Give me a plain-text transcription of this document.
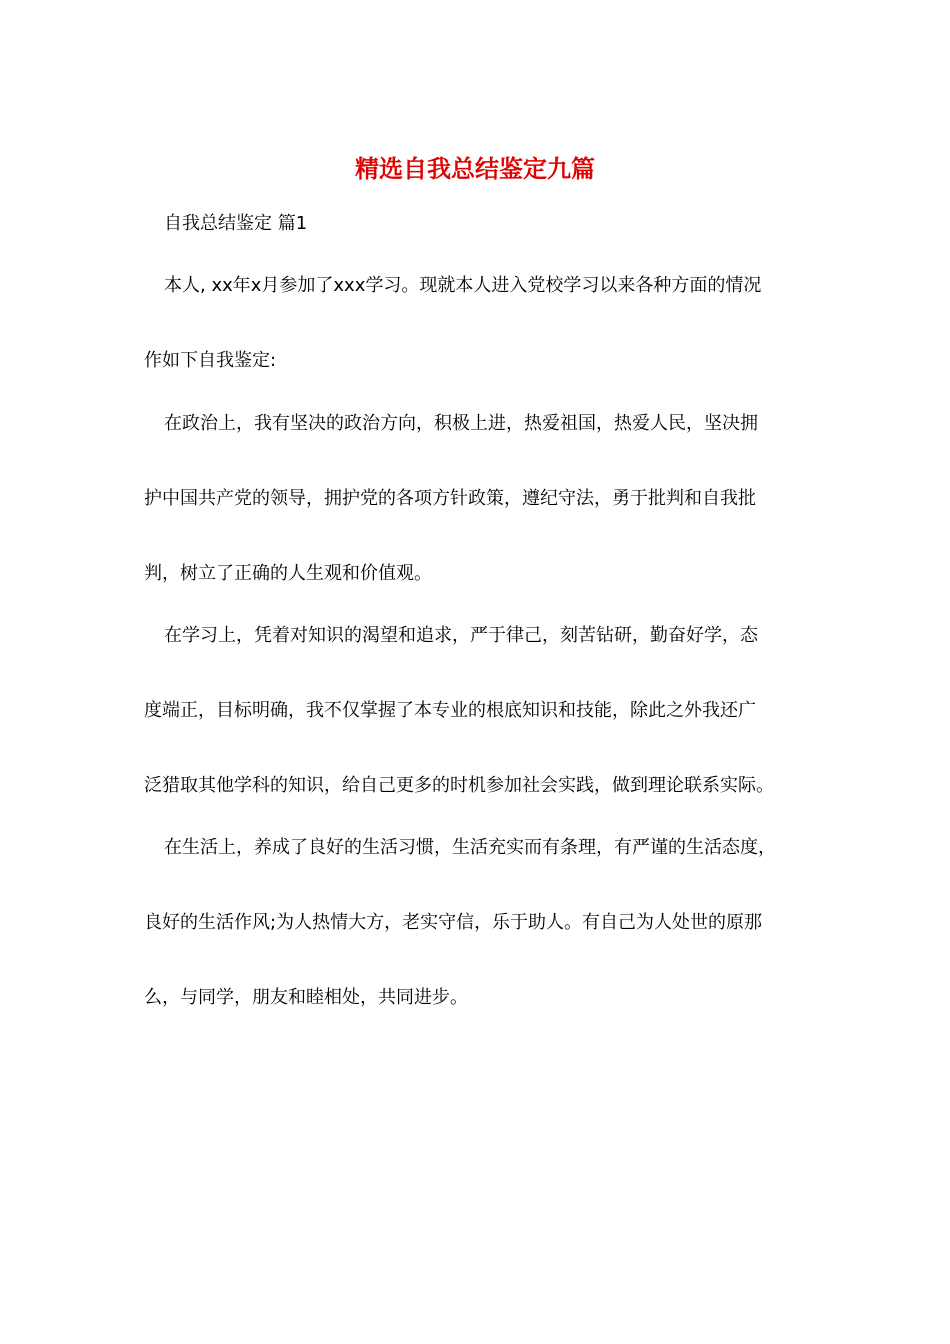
精选自我总结鉴定九篇

自我总结鉴定 篇1

本人, xx年x月参加了xxx学习。现就本人进入党校学习以来各种方面的情况

作如下自我鉴定:

在政治上，我有坚决的政治方向，积极上进，热爱祖国，热爱人民，坚决拥

护中国共产党的领导，拥护党的各项方针政策，遵纪守法，勇于批判和自我批

判，树立了正确的人生观和价值观。

在学习上，凭着对知识的渴望和追求，严于律己，刻苦钻研，勤奋好学，态

度端正，目标明确，我不仅掌握了本专业的根底知识和技能，除此之外我还广

泛猎取其他学科的知识，给自己更多的时机参加社会实践，做到理论联系实际。

在生活上，养成了良好的生活习惯，生活充实而有条理，有严谨的生活态度，

良好的生活作风;为人热情大方，老实守信，乐于助人。有自己为人处世的原那

么，与同学，朋友和睦相处，共同进步。
